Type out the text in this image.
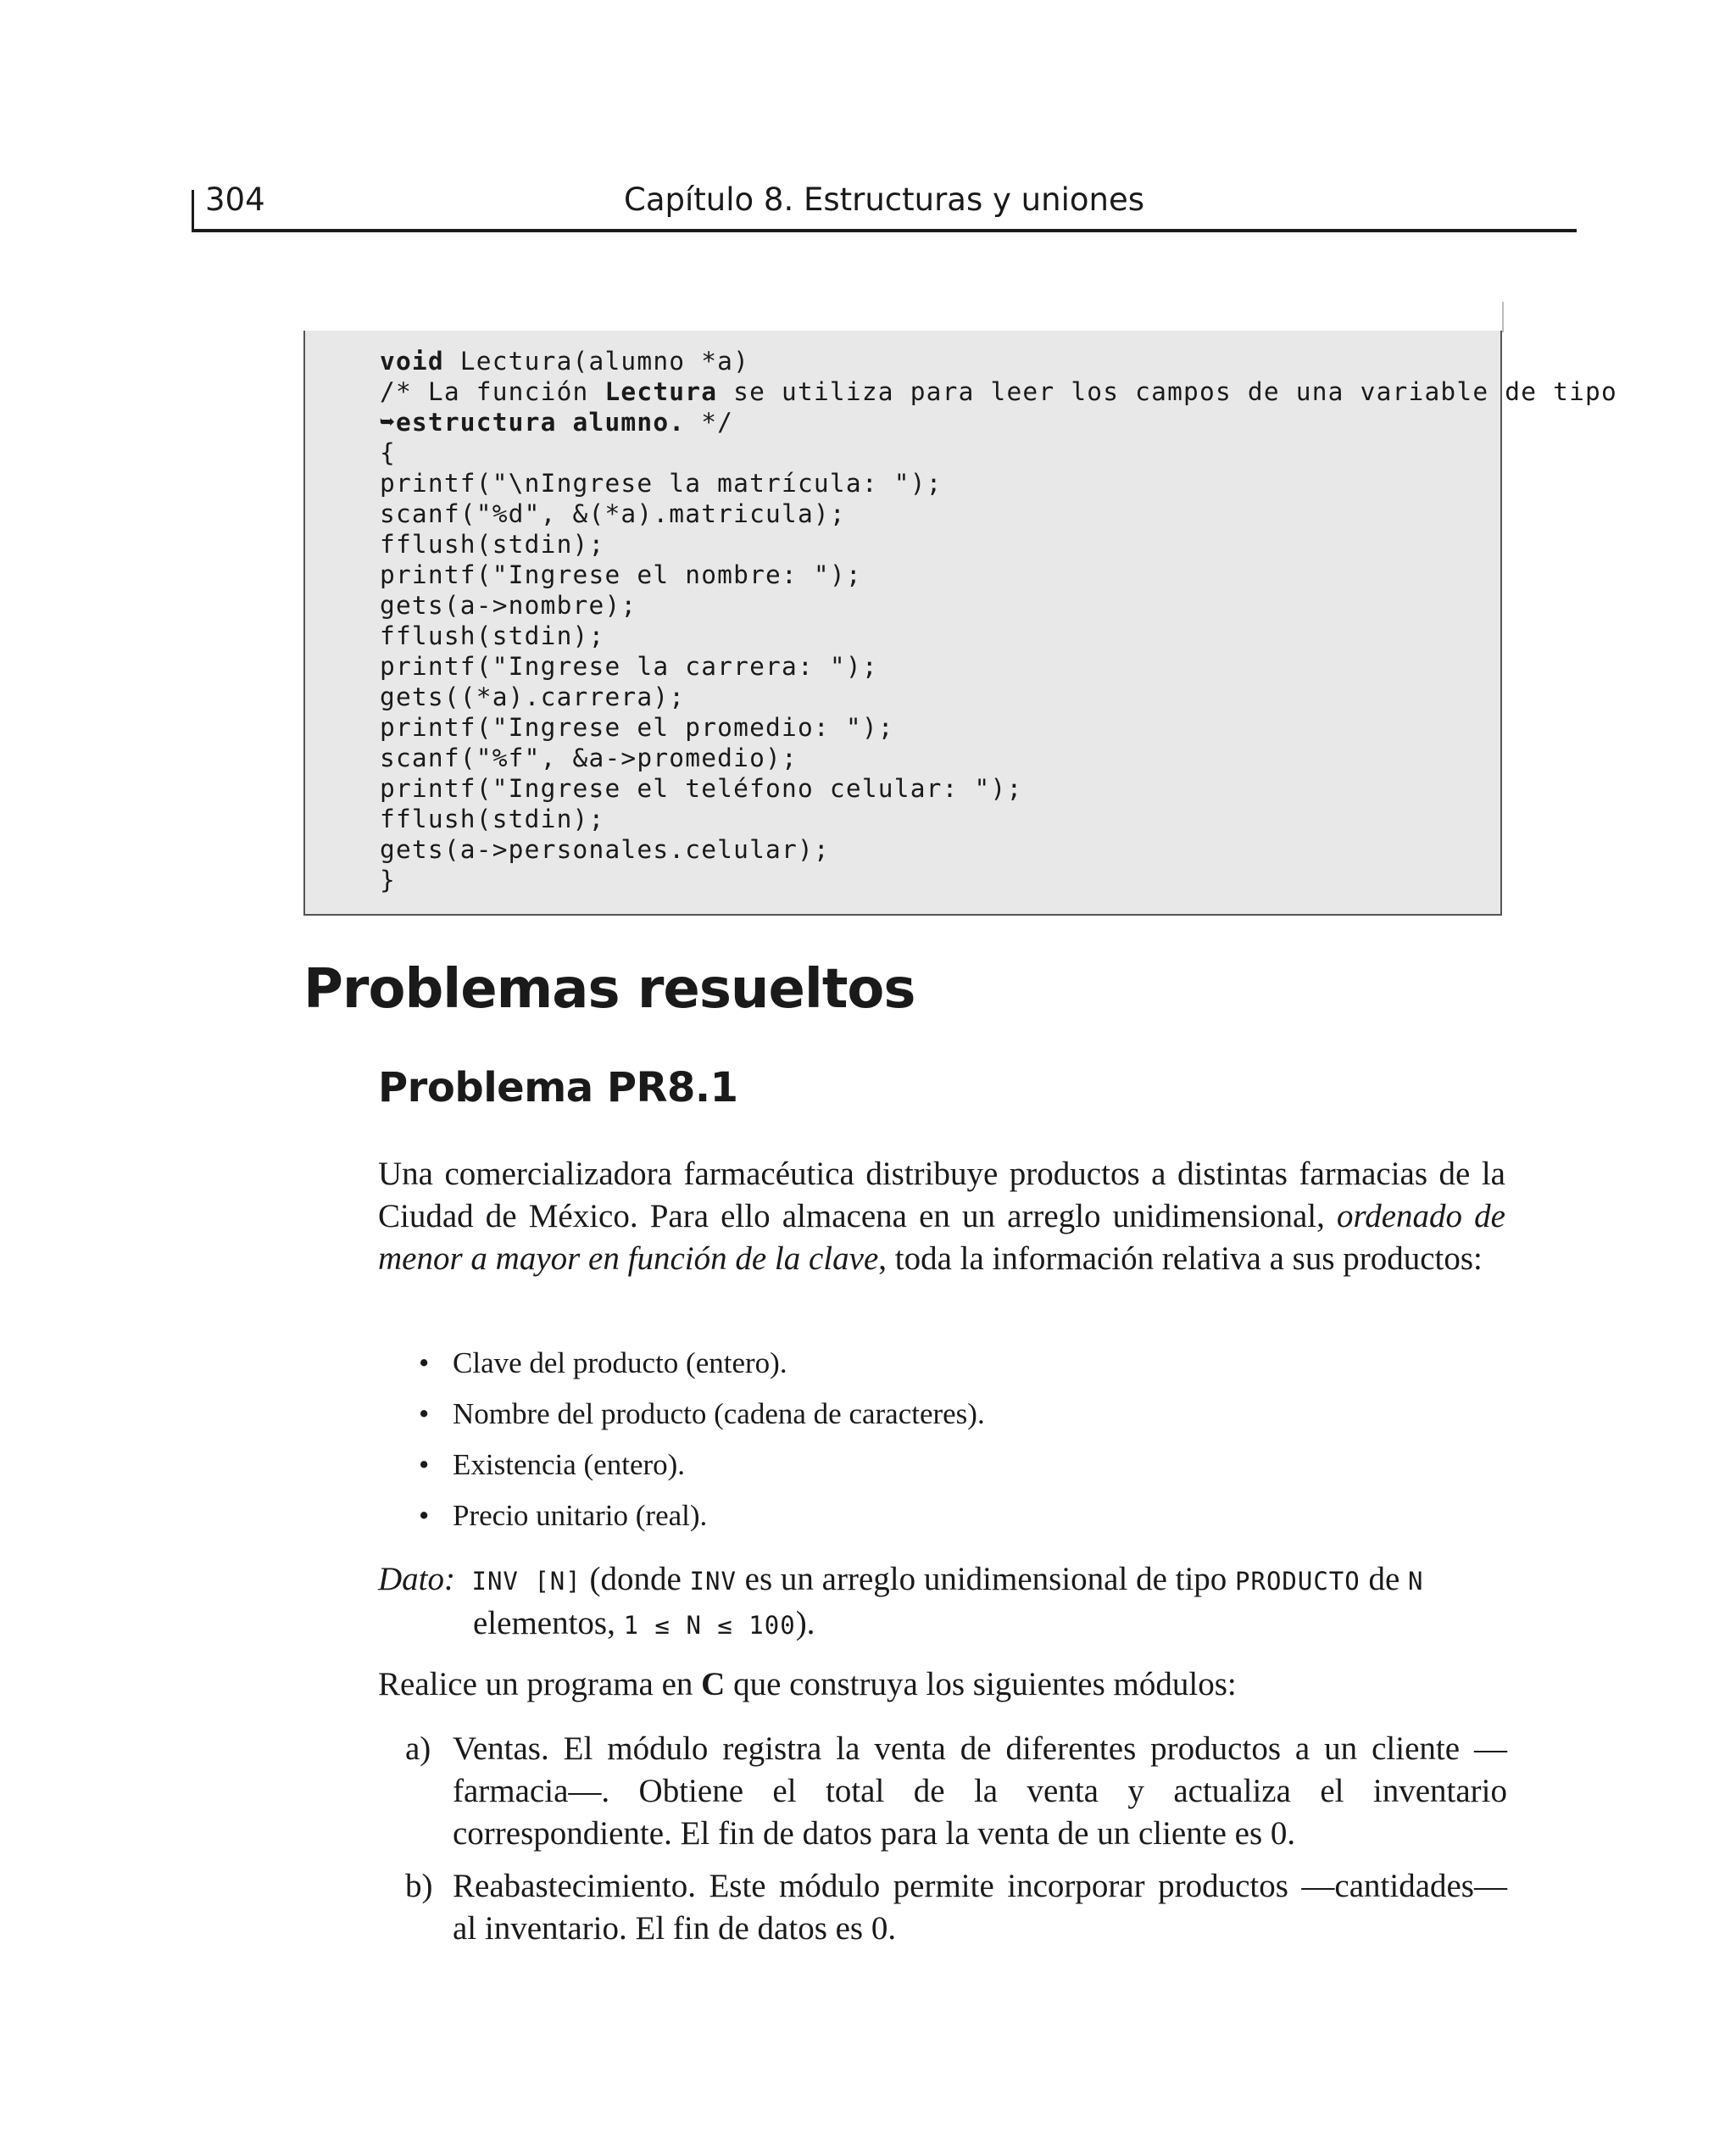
304	Capítulo 8. Estructuras y uniones
void Lectura(alumno *a)
/* La función Lectura se utiliza para leer los campos de una variable de tipo
➥estructura alumno. */
{
printf("\nIngrese la matrícula: ");
scanf("%d", &(*a).matricula);
fflush(stdin);
printf("Ingrese el nombre: ");
gets(a->nombre);
fflush(stdin);
printf("Ingrese la carrera: ");
gets((*a).carrera);
printf("Ingrese el promedio: ");
scanf("%f", &a->promedio);
printf("Ingrese el teléfono celular: ");
fflush(stdin);
gets(a->personales.celular);
}
Problemas resueltos
Problema PR8.1
Una comercializadora farmacéutica distribuye productos a distintas farmacias de la Ciudad de México. Para ello almacena en un arreglo unidimensional, ordenado de menor a mayor en función de la clave, toda la información relativa a sus productos:
• Clave del producto (entero).
• Nombre del producto (cadena de caracteres).
• Existencia (entero).
• Precio unitario (real).
Dato: INV [N] (donde INV es un arreglo unidimensional de tipo PRODUCTO de N
elementos, 1 ≤ N ≤ 100).
Realice un programa en C que construya los siguientes módulos:
a) Ventas. El módulo registra la venta de diferentes productos a un cliente —farmacia—. Obtiene el total de la venta y actualiza el inventario correspondiente. El fin de datos para la venta de un cliente es 0.
b) Reabastecimiento. Este módulo permite incorporar productos —cantidades— al inventario. El fin de datos es 0.
